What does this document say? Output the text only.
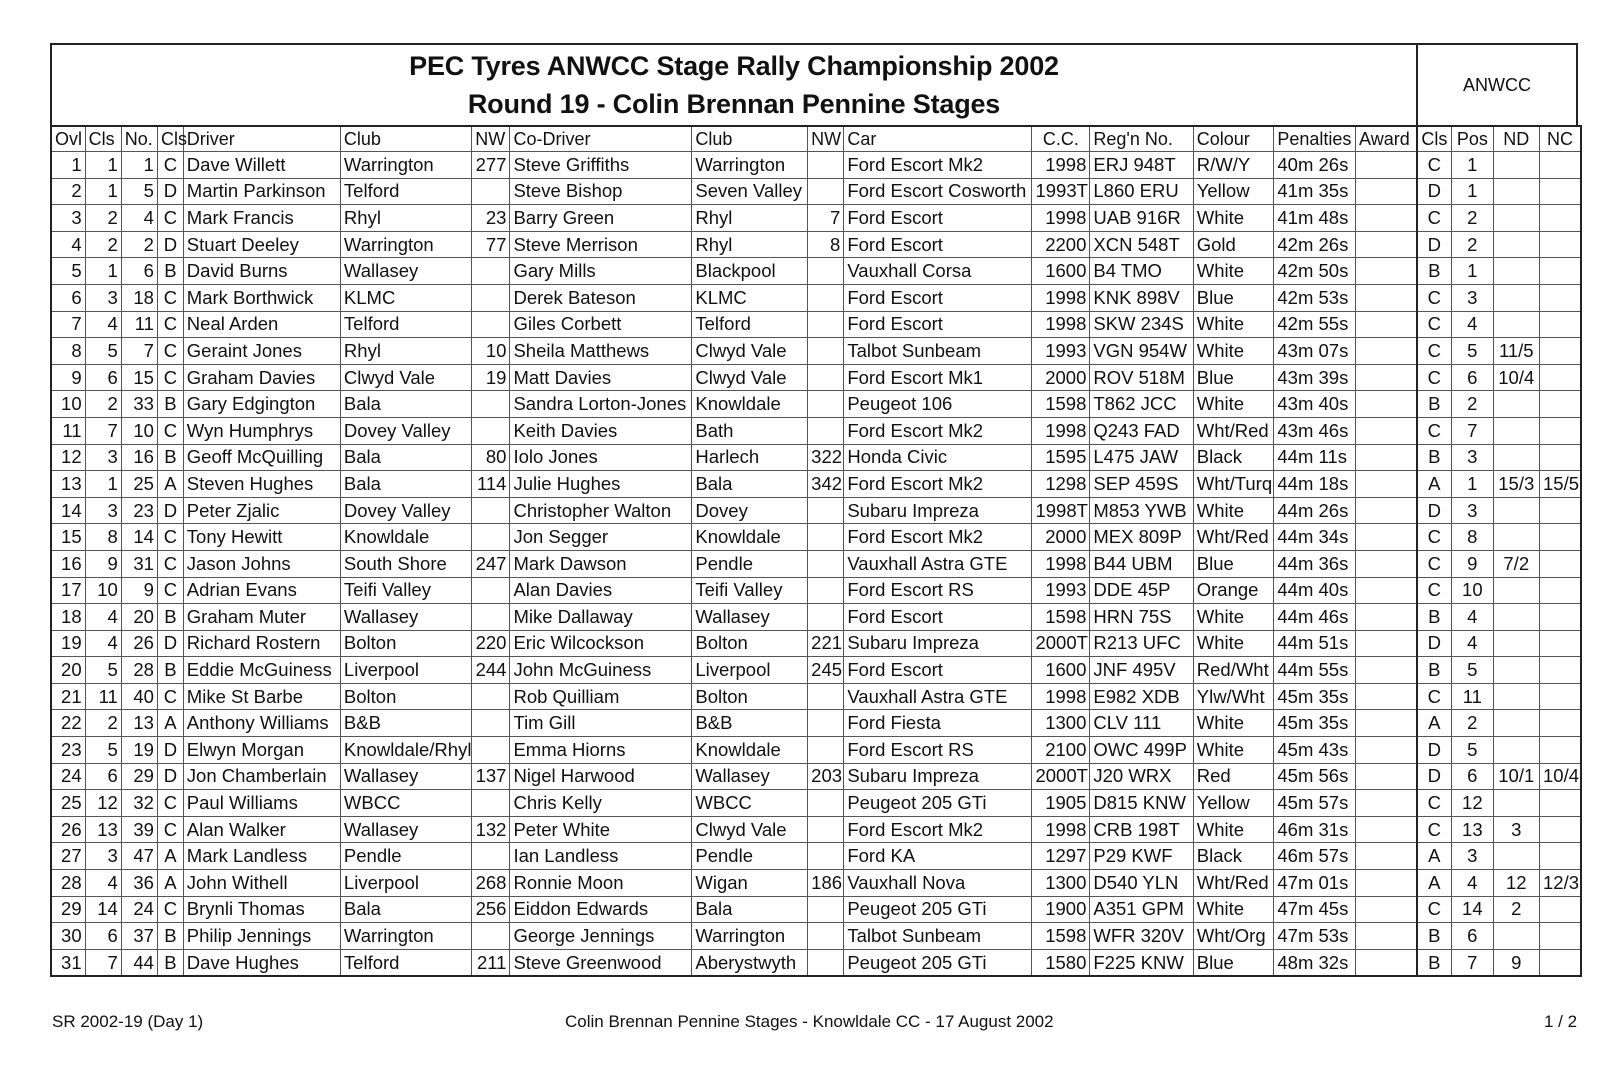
PEC Tyres ANWCC Stage Rally Championship 2002
Round 19 - Colin Brennan Pennine Stages
ANWCC
Ovl	Cls	No.	Cls	Driver	Club	NW	Co-Driver	Club	NW	Car	C.C.	Reg'n No.	Colour	Penalties	Award	Cls	Pos	ND	NC
1	1	1	C	Dave Willett	Warrington	277	Steve Griffiths	Warrington		Ford Escort Mk2	1998	ERJ 948T	R/W/Y	40m 26s		C	1		
2	1	5	D	Martin Parkinson	Telford		Steve Bishop	Seven Valley		Ford Escort Cosworth	1993T	L860 ERU	Yellow	41m 35s		D	1		
3	2	4	C	Mark Francis	Rhyl	23	Barry Green	Rhyl	7	Ford Escort	1998	UAB 916R	White	41m 48s		C	2		
4	2	2	D	Stuart Deeley	Warrington	77	Steve Merrison	Rhyl	8	Ford Escort	2200	XCN 548T	Gold	42m 26s		D	2		
5	1	6	B	David Burns	Wallasey		Gary Mills	Blackpool		Vauxhall Corsa	1600	B4 TMO	White	42m 50s		B	1		
6	3	18	C	Mark Borthwick	KLMC		Derek Bateson	KLMC		Ford Escort	1998	KNK 898V	Blue	42m 53s		C	3		
7	4	11	C	Neal Arden	Telford		Giles Corbett	Telford		Ford Escort	1998	SKW 234S	White	42m 55s		C	4		
8	5	7	C	Geraint Jones	Rhyl	10	Sheila Matthews	Clwyd Vale		Talbot Sunbeam	1993	VGN 954W	White	43m 07s		C	5	11/5	
9	6	15	C	Graham Davies	Clwyd Vale	19	Matt Davies	Clwyd Vale		Ford Escort Mk1	2000	ROV 518M	Blue	43m 39s		C	6	10/4	
10	2	33	B	Gary Edgington	Bala		Sandra Lorton-Jones	Knowldale		Peugeot 106	1598	T862 JCC	White	43m 40s		B	2		
11	7	10	C	Wyn Humphrys	Dovey Valley		Keith Davies	Bath		Ford Escort Mk2	1998	Q243 FAD	Wht/Red	43m 46s		C	7		
12	3	16	B	Geoff McQuilling	Bala	80	Iolo Jones	Harlech	322	Honda Civic	1595	L475 JAW	Black	44m 11s		B	3		
13	1	25	A	Steven Hughes	Bala	114	Julie Hughes	Bala	342	Ford Escort Mk2	1298	SEP 459S	Wht/Turq	44m 18s		A	1	15/3	15/5
14	3	23	D	Peter Zjalic	Dovey Valley		Christopher Walton	Dovey		Subaru Impreza	1998T	M853 YWB	White	44m 26s		D	3		
15	8	14	C	Tony Hewitt	Knowldale		Jon Segger	Knowldale		Ford Escort Mk2	2000	MEX 809P	Wht/Red	44m 34s		C	8		
16	9	31	C	Jason Johns	South Shore	247	Mark Dawson	Pendle		Vauxhall Astra GTE	1998	B44 UBM	Blue	44m 36s		C	9	7/2	
17	10	9	C	Adrian Evans	Teifi Valley		Alan Davies	Teifi Valley		Ford Escort RS	1993	DDE 45P	Orange	44m 40s		C	10		
18	4	20	B	Graham Muter	Wallasey		Mike Dallaway	Wallasey		Ford Escort	1598	HRN 75S	White	44m 46s		B	4		
19	4	26	D	Richard Rostern	Bolton	220	Eric Wilcockson	Bolton	221	Subaru Impreza	2000T	R213 UFC	White	44m 51s		D	4		
20	5	28	B	Eddie McGuiness	Liverpool	244	John McGuiness	Liverpool	245	Ford Escort	1600	JNF 495V	Red/Wht	44m 55s		B	5		
21	11	40	C	Mike St Barbe	Bolton		Rob Quilliam	Bolton		Vauxhall Astra GTE	1998	E982 XDB	Ylw/Wht	45m 35s		C	11		
22	2	13	A	Anthony Williams	B&B		Tim Gill	B&B		Ford Fiesta	1300	CLV 111	White	45m 35s		A	2		
23	5	19	D	Elwyn Morgan	Knowldale/Rhyl		Emma Hiorns	Knowldale		Ford Escort RS	2100	OWC 499P	White	45m 43s		D	5		
24	6	29	D	Jon Chamberlain	Wallasey	137	Nigel Harwood	Wallasey	203	Subaru Impreza	2000T	J20 WRX	Red	45m 56s		D	6	10/1	10/4
25	12	32	C	Paul Williams	WBCC		Chris Kelly	WBCC		Peugeot 205 GTi	1905	D815 KNW	Yellow	45m 57s		C	12		
26	13	39	C	Alan Walker	Wallasey	132	Peter White	Clwyd Vale		Ford Escort Mk2	1998	CRB 198T	White	46m 31s		C	13	3	
27	3	47	A	Mark Landless	Pendle		Ian Landless	Pendle		Ford KA	1297	P29 KWF	Black	46m 57s		A	3		
28	4	36	A	John Withell	Liverpool	268	Ronnie Moon	Wigan	186	Vauxhall Nova	1300	D540 YLN	Wht/Red	47m 01s		A	4	12	12/3
29	14	24	C	Brynli Thomas	Bala	256	Eiddon Edwards	Bala		Peugeot 205 GTi	1900	A351 GPM	White	47m 45s		C	14	2	
30	6	37	B	Philip Jennings	Warrington		George Jennings	Warrington		Talbot Sunbeam	1598	WFR 320V	Wht/Org	47m 53s		B	6		
31	7	44	B	Dave Hughes	Telford	211	Steve Greenwood	Aberystwyth		Peugeot 205 GTi	1580	F225 KNW	Blue	48m 32s		B	7	9	
SR 2002-19 (Day 1)	Colin Brennan Pennine Stages - Knowldale CC - 17 August 2002	1 / 2
